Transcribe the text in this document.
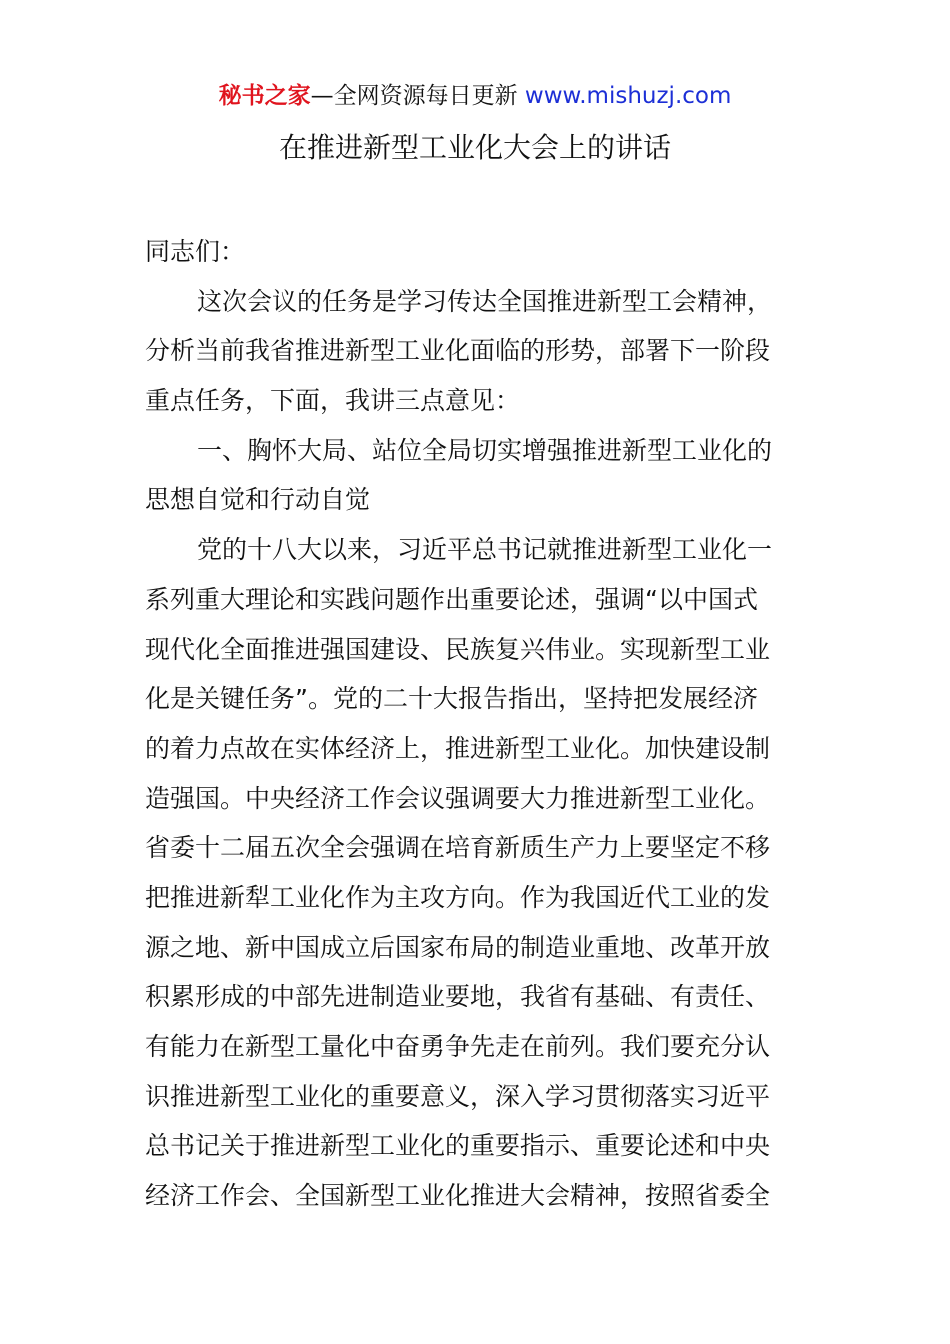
秘书之家—全网资源每日更新 www.mishuzj.com
在推进新型工业化大会上的讲话
同志们：
这次会议的任务是学习传达全国推进新型工会精神，
分析当前我省推进新型工业化面临的形势，部署下一阶段
重点任务，下面，我讲三点意见：
一、胸怀大局、站位全局切实增强推进新型工业化的
思想自觉和行动自觉
党的十八大以来，习近平总书记就推进新型工业化一
系列重大理论和实践问题作出重要论述，强调“以中国式
现代化全面推进强国建设、民族复兴伟业。实现新型工业
化是关键任务”。党的二十大报告指出，坚持把发展经济
的着力点故在实体经济上，推进新型工业化。加快建设制
造强国。中央经济工作会议强调要大力推进新型工业化。
省委十二届五次全会强调在培育新质生产力上要坚定不移
把推进新犁工业化作为主攻方向。作为我国近代工业的发
源之地、新中国成立后国家布局的制造业重地、改革开放
积累形成的中部先进制造业要地，我省有基础、有责任、
有能力在新型工量化中奋勇争先走在前列。我们要充分认
识推进新型工业化的重要意义，深入学习贯彻落实习近平
总书记关于推进新型工业化的重要指示、重要论述和中央
经济工作会、全国新型工业化推进大会精神，按照省委全
